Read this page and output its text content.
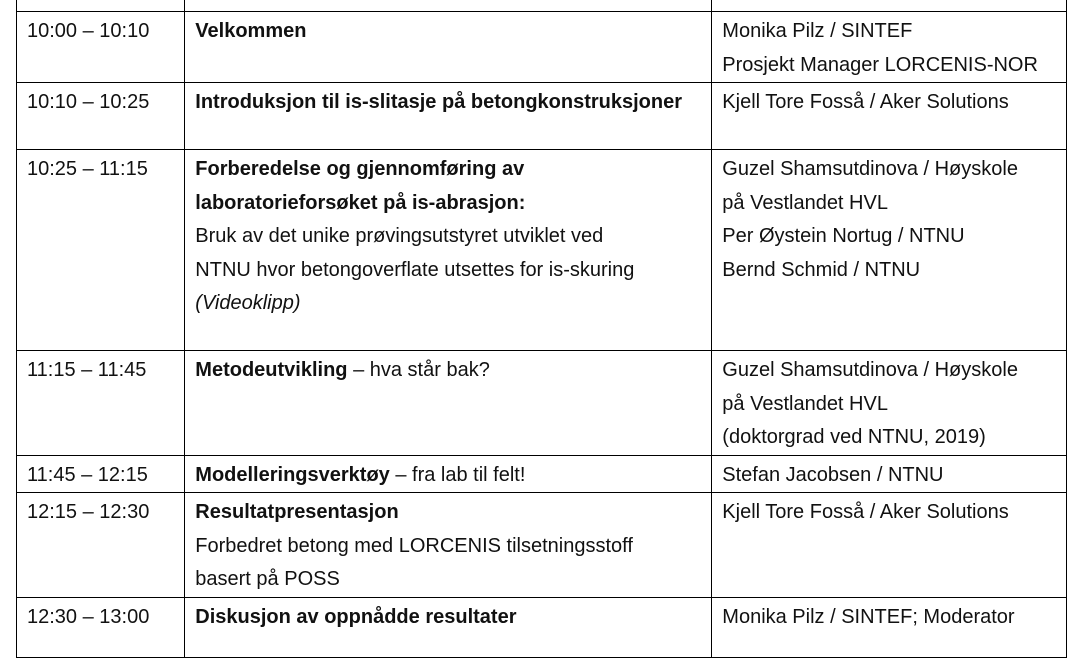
10:00 – 10:10	Velkommen	Monika Pilz / SINTEF
Prosjekt Manager LORCENIS-NOR

10:10 – 10:25	Introduksjon til is-slitasje på betongkonstruksjoner	Kjell Tore Fosså / Aker Solutions

10:25 – 11:15	Forberedelse og gjennomføring av
laboratorieforsøket på is-abrasjon:
Bruk av det unike prøvingsutstyret utviklet ved
NTNU hvor betongoverflate utsettes for is-skuring
(Videoklipp)	Guzel Shamsutdinova / Høyskole
på Vestlandet HVL
Per Øystein Nortug / NTNU
Bernd Schmid / NTNU

11:15 – 11:45	Metodeutvikling – hva står bak?	Guzel Shamsutdinova / Høyskole
på Vestlandet HVL
(doktorgrad ved NTNU, 2019)

11:45 – 12:15	Modelleringsverktøy – fra lab til felt!	Stefan Jacobsen / NTNU

12:15 – 12:30	Resultatpresentasjon
Forbedret betong med LORCENIS tilsetningsstoff
basert på POSS	Kjell Tore Fosså / Aker Solutions

12:30 – 13:00	Diskusjon av oppnådde resultater	Monika Pilz / SINTEF; Moderator
